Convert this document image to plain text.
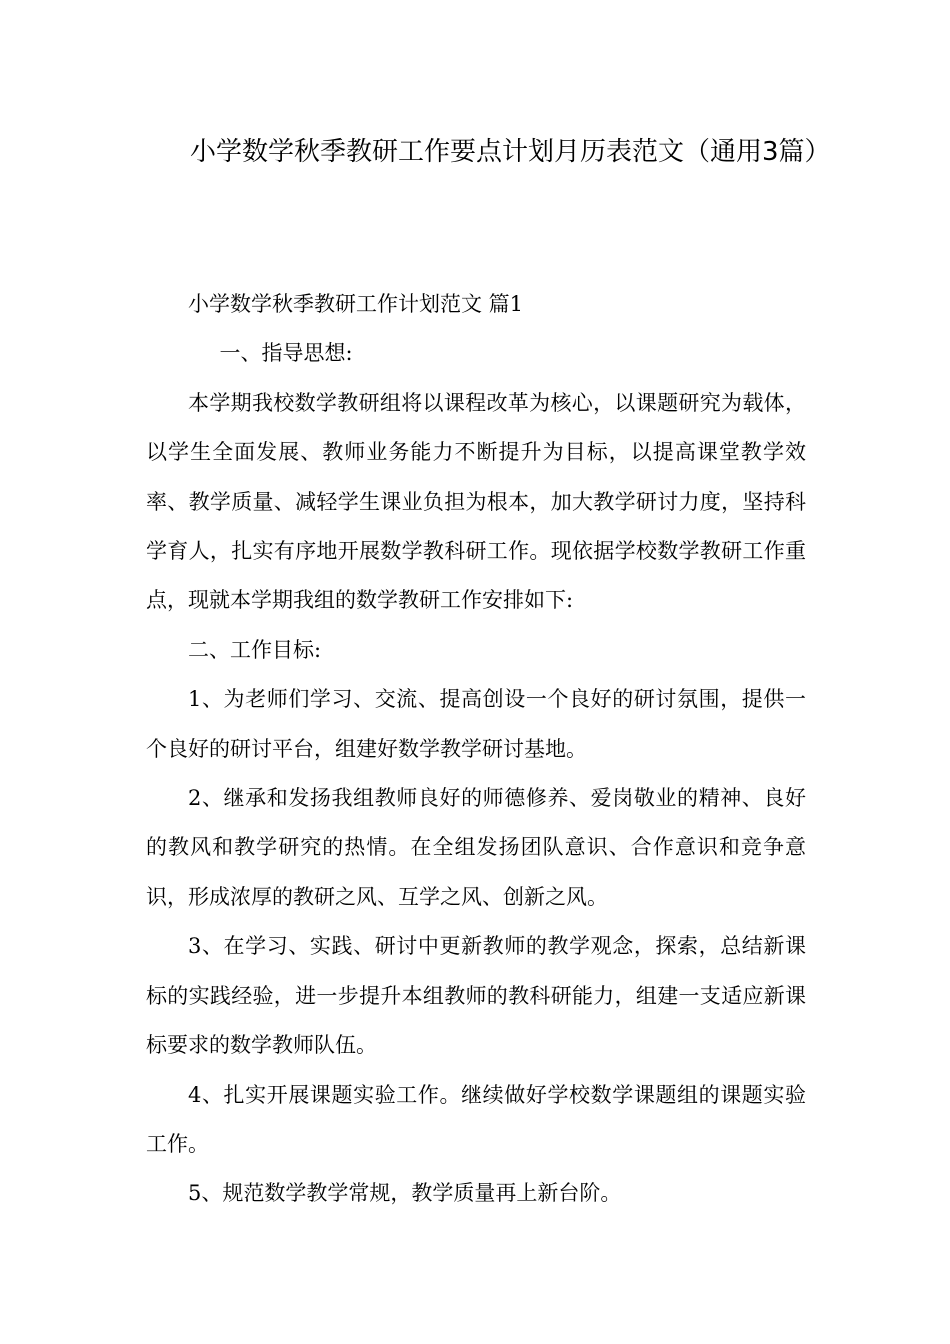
小学数学秋季教研工作要点计划月历表范文（通用3篇）

小学数学秋季教研工作计划范文 篇1

一、指导思想:

本学期我校数学教研组将以课程改革为核心，以课题研究为载体，以学生全面发展、教师业务能力不断提升为目标，以提高课堂教学效率、教学质量、减轻学生课业负担为根本，加大教学研讨力度，坚持科学育人，扎实有序地开展数学教科研工作。现依据学校数学教研工作重点，现就本学期我组的数学教研工作安排如下:

二、工作目标:

1、为老师们学习、交流、提高创设一个良好的研讨氛围，提供一个良好的研讨平台，组建好数学教学研讨基地。

2、继承和发扬我组教师良好的师德修养、爱岗敬业的精神、良好的教风和教学研究的热情。在全组发扬团队意识、合作意识和竞争意识，形成浓厚的教研之风、互学之风、创新之风。

3、在学习、实践、研讨中更新教师的教学观念，探索，总结新课标的实践经验，进一步提升本组教师的教科研能力，组建一支适应新课标要求的数学教师队伍。

4、扎实开展课题实验工作。继续做好学校数学课题组的课题实验工作。

5、规范数学教学常规，教学质量再上新台阶。
